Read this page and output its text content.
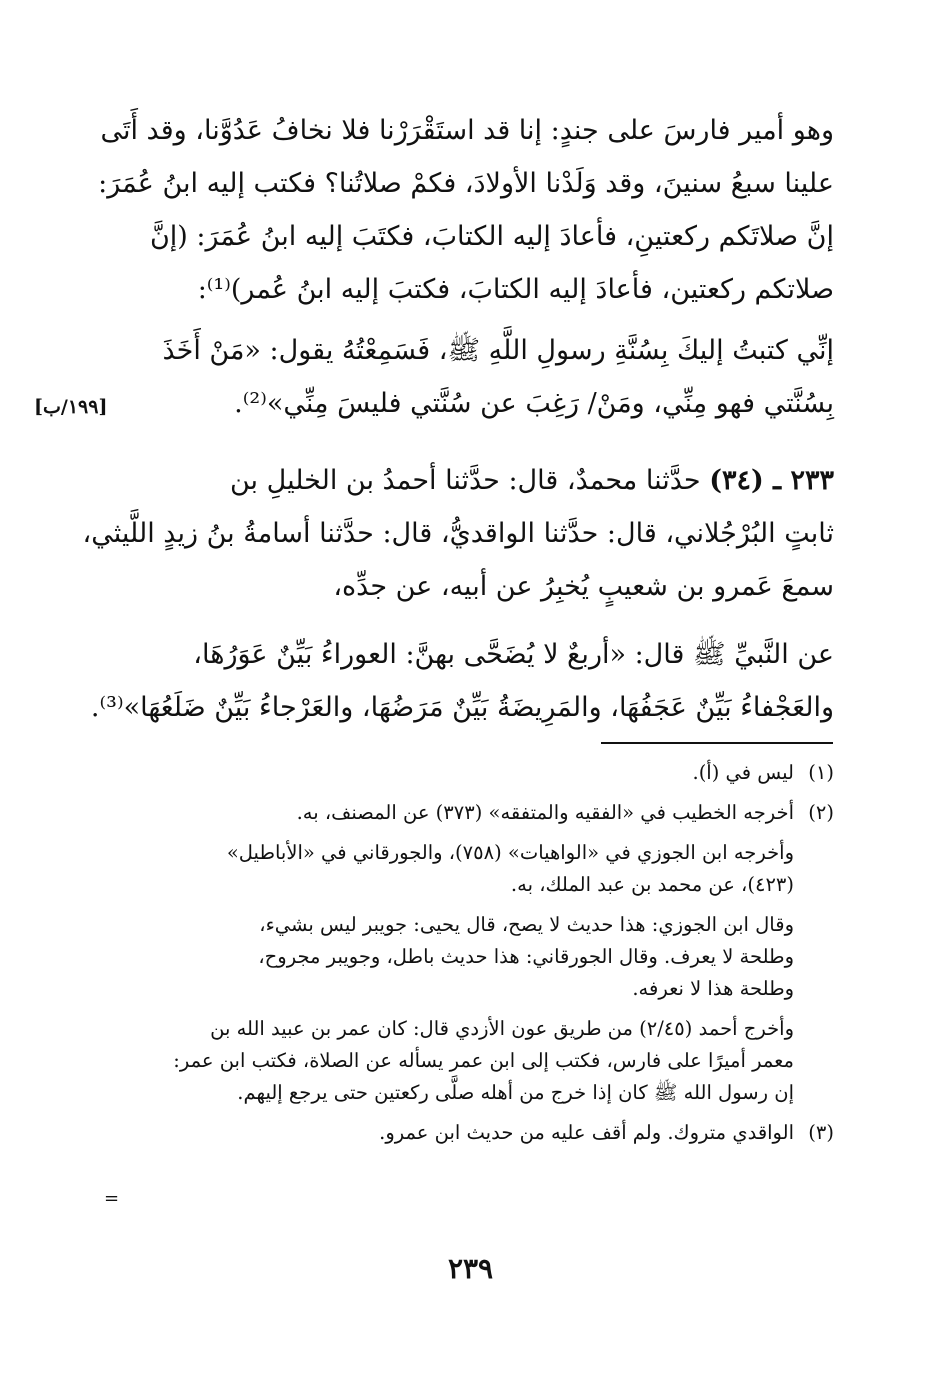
وهو أمير فارسَ على جندٍ: إنا قد استَقْرَرْنا فلا نخافُ عَدُوَّنا، وقد أَتَى
علينا سبعُ سنينَ، وقد وَلَدْنا الأولادَ، فكمْ صلاتُنا؟ فكتب إليه ابنُ عُمَرَ:
إنَّ صلاتَكم ركعتينِ، فأعادَ إليه الكتابَ، فكتَبَ إليه ابنُ عُمَرَ: (إنَّ
صلاتكم ركعتين، فأعادَ إليه الكتابَ، فكتبَ إليه ابنُ عُمر)⁽¹⁾:
إنِّي كتبتُ إليكَ بِسُنَّةِ رسولِ اللَّهِ ﷺ، فَسَمِعْتُهُ يقول: «مَنْ أَخَذَ
بِسُنَّتي فهو مِنِّي، ومَنْ/ رَغِبَ عن سُنَّتي فليسَ مِنِّي»⁽²⁾.
[١٩٩/ب]
٢٣٣ ـ (٣٤) حدَّثنا محمدٌ، قال: حدَّثنا أحمدُ بن الخليلِ بن
ثابتٍ البُرْجُلاني، قال: حدَّثنا الواقديُّ، قال: حدَّثنا أسامةُ بنُ زيدٍ اللَّيثي،
سمعَ عَمرو بن شعيبٍ يُخبِرُ عن أبيه، عن جدِّه،
عن النَّبيِّ ﷺ قال: «أربعٌ لا يُضَحَّى بهنَّ: العوراءُ بَيِّنٌ عَوَرُهَا،
والعَجْفاءُ بَيِّنٌ عَجَفُهَا، والمَرِيضَةُ بَيِّنٌ مَرَضُهَا، والعَرْجاءُ بَيِّنٌ ضَلَعُهَا»⁽³⁾.
(١)
ليس في (أ).
(٢)
أخرجه الخطيب في «الفقيه والمتفقه» (٣٧٣) عن المصنف، به.
وأخرجه ابن الجوزي في «الواهيات» (٧٥٨)، والجورقاني في «الأباطيل»
(٤٢٣)، عن محمد بن عبد الملك، به.
وقال ابن الجوزي: هذا حديث لا يصح، قال يحيى: جويبر ليس بشيء،
وطلحة لا يعرف. وقال الجورقاني: هذا حديث باطل، وجويبر مجروح،
وطلحة هذا لا نعرفه.
وأخرج أحمد (٢/٤٥) من طريق عون الأزدي قال: كان عمر بن عبيد الله بن
معمر أميرًا على فارس، فكتب إلى ابن عمر يسأله عن الصلاة، فكتب ابن عمر:
إن رسول الله ﷺ كان إذا خرج من أهله صلَّى ركعتين حتى يرجع إليهم.
(٣)
الواقدي متروك. ولم أقف عليه من حديث ابن عمرو.
=
٢٣٩
